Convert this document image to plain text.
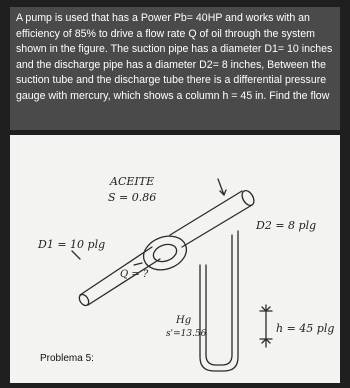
A pump is used that has a Power Pb= 40HP and works with an efficiency of 85% to drive a flow rate Q of oil through the system shown in the figure. The suction pipe has a diameter D1= 10 inches and the discharge pipe has a diameter D2= 8 inches, Between the suction tube and the discharge tube there is a differential pressure gauge with mercury, which shows a column h = 45 in. Find the flow
ACEITE
S = 0.86
D1 = 10 plg
Q = ?
D2 = 8 plg
Hg
s'=13.56	h = 45 plg
Problema 5:
